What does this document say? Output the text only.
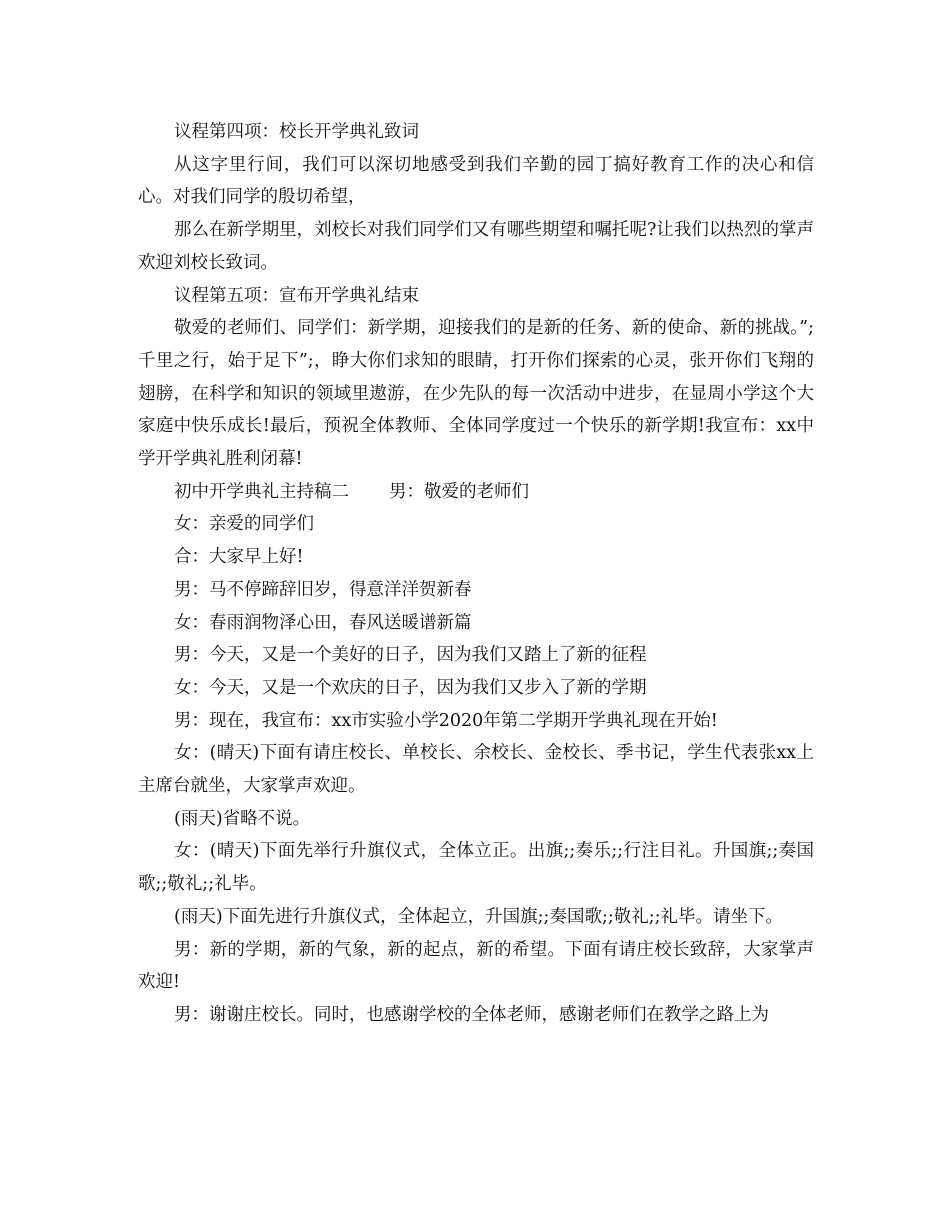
议程第四项：校长开学典礼致词

从这字里行间，我们可以深切地感受到我们辛勤的园丁搞好教育工作的决心和信心。对我们同学的殷切希望，

那么在新学期里，刘校长对我们同学们又有哪些期望和嘱托呢?让我们以热烈的掌声欢迎刘校长致词。

议程第五项：宣布开学典礼结束

敬爱的老师们、同学们：新学期，迎接我们的是新的任务、新的使命、新的挑战。”;千里之行，始于足下”;，睁大你们求知的眼睛，打开你们探索的心灵，张开你们飞翔的翅膀，在科学和知识的领域里遨游，在少先队的每一次活动中进步，在显周小学这个大家庭中快乐成长!最后，预祝全体教师、全体同学度过一个快乐的新学期!我宣布：xx中学开学典礼胜利闭幕!

初中开学典礼主持稿二 男：敬爱的老师们

女：亲爱的同学们

合：大家早上好!

男：马不停蹄辞旧岁，得意洋洋贺新春

女：春雨润物泽心田，春风送暖谱新篇

男：今天，又是一个美好的日子，因为我们又踏上了新的征程

女：今天，又是一个欢庆的日子，因为我们又步入了新的学期

男：现在，我宣布：xx市实验小学2020年第二学期开学典礼现在开始!

女：(晴天)下面有请庄校长、单校长、余校长、金校长、季书记，学生代表张xx上主席台就坐，大家掌声欢迎。

(雨天)省略不说。

女：(晴天)下面先举行升旗仪式，全体立正。出旗;;奏乐;;行注目礼。升国旗;;奏国歌;;敬礼;;礼毕。

(雨天)下面先进行升旗仪式，全体起立，升国旗;;奏国歌;;敬礼;;礼毕。请坐下。

男：新的学期，新的气象，新的起点，新的希望。下面有请庄校长致辞，大家掌声欢迎!

男：谢谢庄校长。同时，也感谢学校的全体老师，感谢老师们在教学之路上为
